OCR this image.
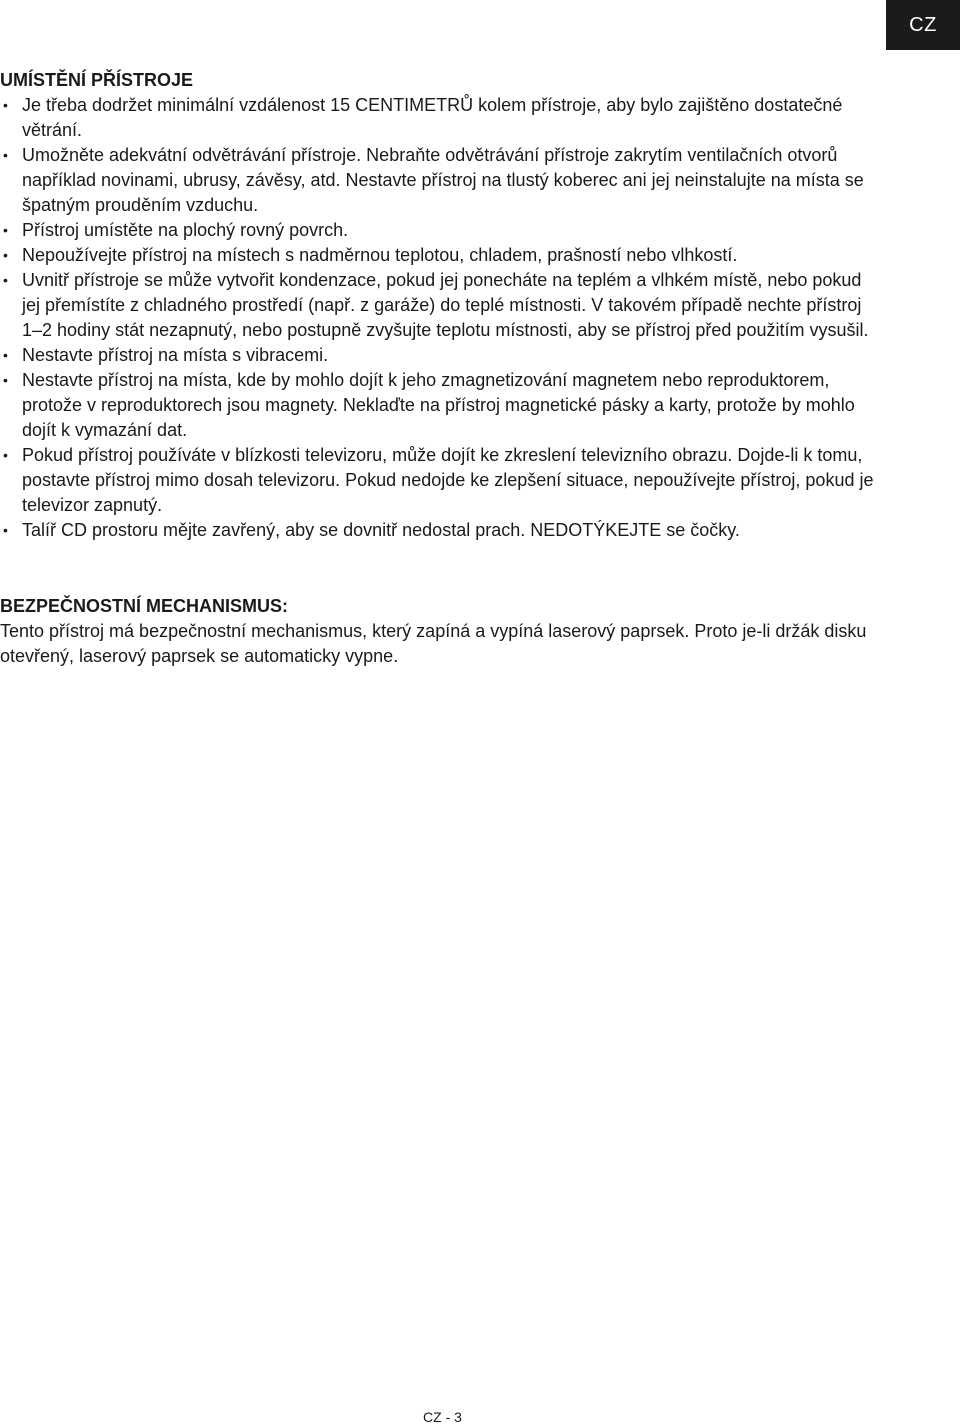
CZ
UMÍSTĚNÍ PŘÍSTROJE
• Je třeba dodržet minimální vzdálenost 15 CENTIMETRŮ kolem přístroje, aby bylo zajištěno dostatečné větrání.
• Umožněte adekvátní odvětrávání přístroje. Nebraňte odvětrávání přístroje zakrytím ventilačních otvorů například novinami, ubrusy, závěsy, atd. Nestavte přístroj na tlustý koberec ani jej neinstalujte na místa se špatným prouděním vzduchu.
• Přístroj umístěte na plochý rovný povrch.
• Nepoužívejte přístroj na místech s nadměrnou teplotou, chladem, prašností nebo vlhkostí.
• Uvnitř přístroje se může vytvořit kondenzace, pokud jej ponecháte na teplém a vlhkém místě, nebo pokud jej přemístíte z chladného prostředí (např. z garáže) do teplé místnosti. V takovém případě nechte přístroj 1–2 hodiny stát nezapnutý, nebo postupně zvyšujte teplotu místnosti, aby se přístroj před použitím vysušil.
• Nestavte přístroj na místa s vibracemi.
• Nestavte přístroj na místa, kde by mohlo dojít k jeho zmagnetizování magnetem nebo reproduktorem, protože v reproduktorech jsou magnety. Neklaďte na přístroj magnetické pásky a karty, protože by mohlo dojít k vymazání dat.
• Pokud přístroj používáte v blízkosti televizoru, může dojít ke zkreslení televizního obrazu. Dojde-li k tomu, postavte přístroj mimo dosah televizoru. Pokud nedojde ke zlepšení situace, nepoužívejte přístroj, pokud je televizor zapnutý.
• Talíř CD prostoru mějte zavřený, aby se dovnitř nedostal prach. NEDOTÝKEJTE se čočky.
BEZPEČNOSTNÍ MECHANISMUS:

Tento přístroj má bezpečnostní mechanismus, který zapíná a vypíná laserový paprsek. Proto je-li držák disku otevřený, laserový paprsek se automaticky vypne.

CZ - 3
